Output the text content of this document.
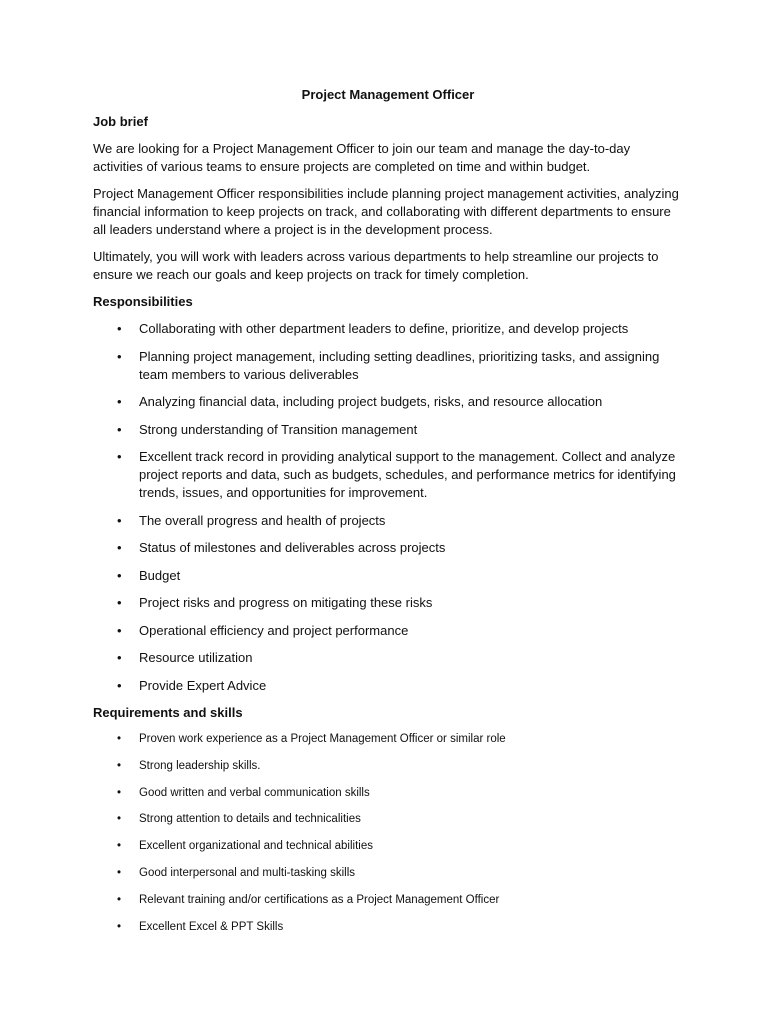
Project Management Officer
Job brief

We are looking for a Project Management Officer to join our team and manage the day-to-day activities of various teams to ensure projects are completed on time and within budget.

Project Management Officer responsibilities include planning project management activities, analyzing financial information to keep projects on track, and collaborating with different departments to ensure all leaders understand where a project is in the development process.

Ultimately, you will work with leaders across various departments to help streamline our projects to ensure we reach our goals and keep projects on track for timely completion.

Responsibilities
• Collaborating with other department leaders to define, prioritize, and develop projects
• Planning project management, including setting deadlines, prioritizing tasks, and assigning team members to various deliverables
• Analyzing financial data, including project budgets, risks, and resource allocation
• Strong understanding of Transition management
• Excellent track record in providing analytical support to the management. Collect and analyze project reports and data, such as budgets, schedules, and performance metrics for identifying trends, issues, and opportunities for improvement.
• The overall progress and health of projects
• Status of milestones and deliverables across projects
• Budget
• Project risks and progress on mitigating these risks
• Operational efficiency and project performance
• Resource utilization
• Provide Expert Advice
Requirements and skills
• Proven work experience as a Project Management Officer or similar role
• Strong leadership skills.
• Good written and verbal communication skills
• Strong attention to details and technicalities
• Excellent organizational and technical abilities
• Good interpersonal and multi-tasking skills
• Relevant training and/or certifications as a Project Management Officer
• Excellent Excel & PPT Skills
